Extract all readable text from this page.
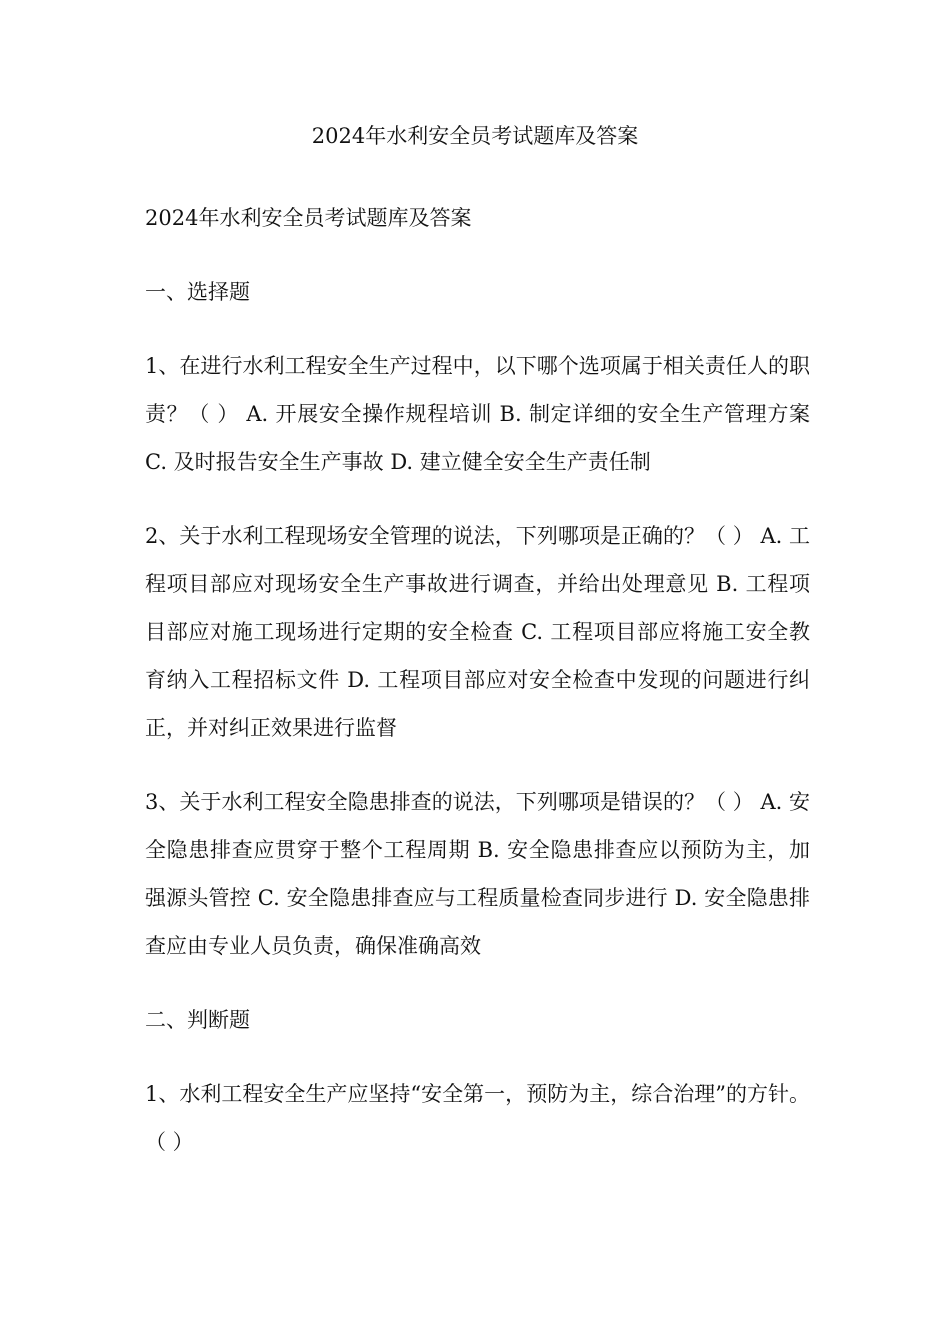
2024年水利安全员考试题库及答案

2024年水利安全员考试题库及答案

一、选择题

1、在进行水利工程安全生产过程中，以下哪个选项属于相关责任人的职责？（ ） A. 开展安全操作规程培训 B. 制定详细的安全生产管理方案 C. 及时报告安全生产事故 D. 建立健全安全生产责任制

2、关于水利工程现场安全管理的说法，下列哪项是正确的？（ ） A. 工程项目部应对现场安全生产事故进行调查，并给出处理意见 B. 工程项目部应对施工现场进行定期的安全检查 C. 工程项目部应将施工安全教育纳入工程招标文件 D. 工程项目部应对安全检查中发现的问题进行纠正，并对纠正效果进行监督

3、关于水利工程安全隐患排查的说法，下列哪项是错误的？（ ） A. 安全隐患排查应贯穿于整个工程周期 B. 安全隐患排查应以预防为主，加强源头管控 C. 安全隐患排查应与工程质量检查同步进行 D. 安全隐患排查应由专业人员负责，确保准确高效

二、判断题

1、水利工程安全生产应坚持“安全第一，预防为主，综合治理”的方针。（ ）
